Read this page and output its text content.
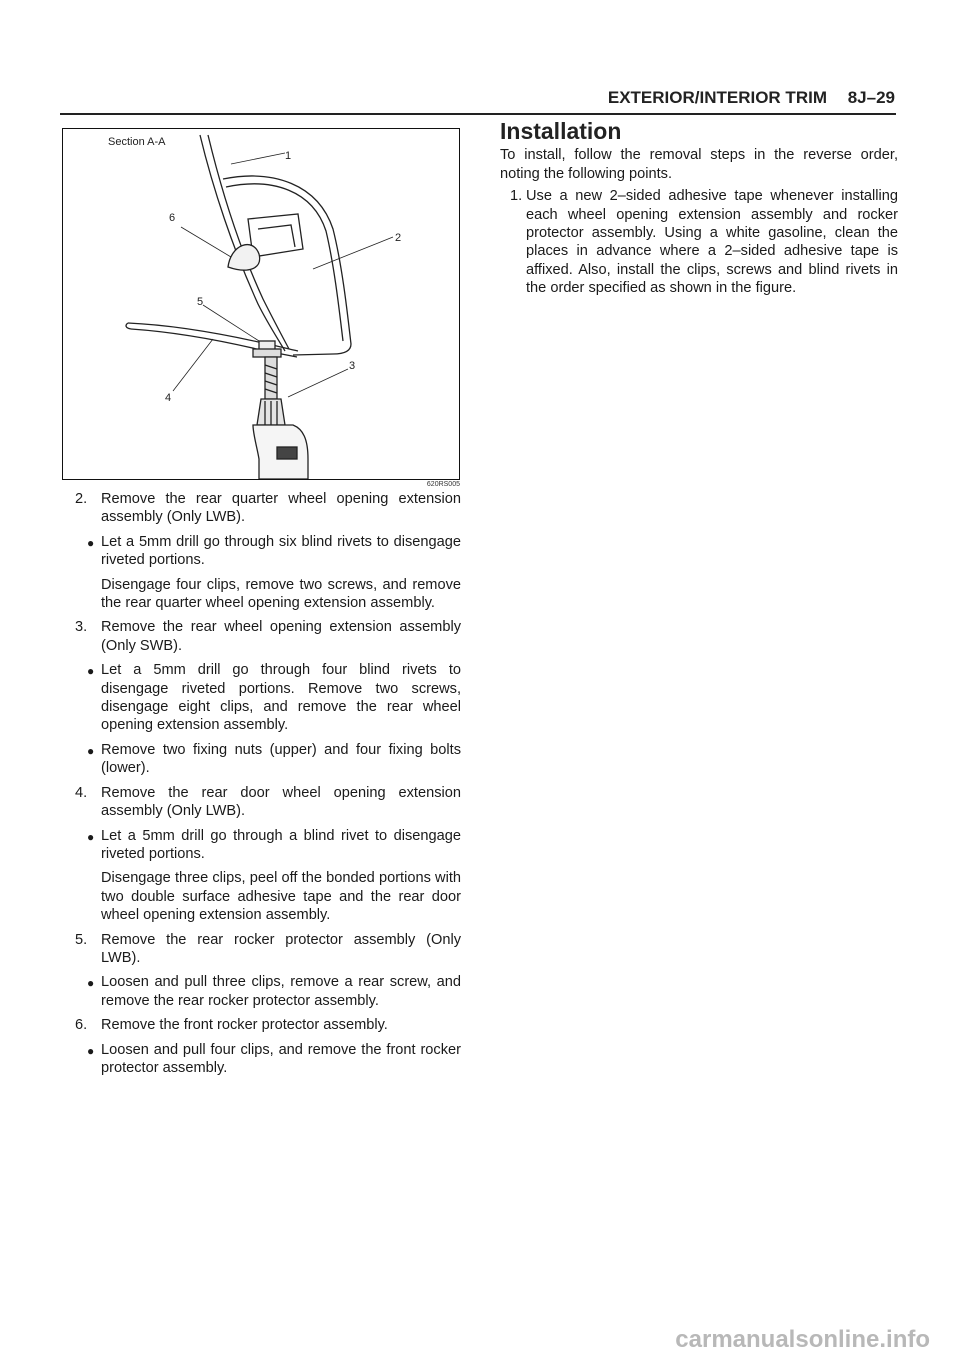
EXTERIOR/INTERIOR TRIM 8J–29
Section A-A
1
2
3
4
5
6
620RS005
2. Remove the rear quarter wheel opening extension assembly (Only LWB).
● Let a 5mm drill go through six blind rivets to disengage riveted portions.
Disengage four clips, remove two screws, and remove the rear quarter wheel opening extension assembly.
3. Remove the rear wheel opening extension assembly (Only SWB).
● Let a 5mm drill go through four blind rivets to disengage riveted portions. Remove two screws, disengage eight clips, and remove the rear wheel opening extension assembly.
● Remove two fixing nuts (upper) and four fixing bolts (lower).
4. Remove the rear door wheel opening extension assembly (Only LWB).
● Let a 5mm drill go through a blind rivet to disengage riveted portions.
Disengage three clips, peel off the bonded portions with two double surface adhesive tape and the rear door wheel opening extension assembly.
5. Remove the rear rocker protector assembly (Only LWB).
● Loosen and pull three clips, remove a rear screw, and remove the rear rocker protector assembly.
6. Remove the front rocker protector assembly.
● Loosen and pull four clips, and remove the front rocker protector assembly.
Installation
To install, follow the removal steps in the reverse order, noting the following points.
1. Use a new 2–sided adhesive tape whenever installing each wheel opening extension assembly and rocker protector assembly. Using a white gasoline, clean the places in advance where a 2–sided adhesive tape is affixed. Also, install the clips, screws and blind rivets in the order specified as shown in the figure.
carmanualsonline.info
